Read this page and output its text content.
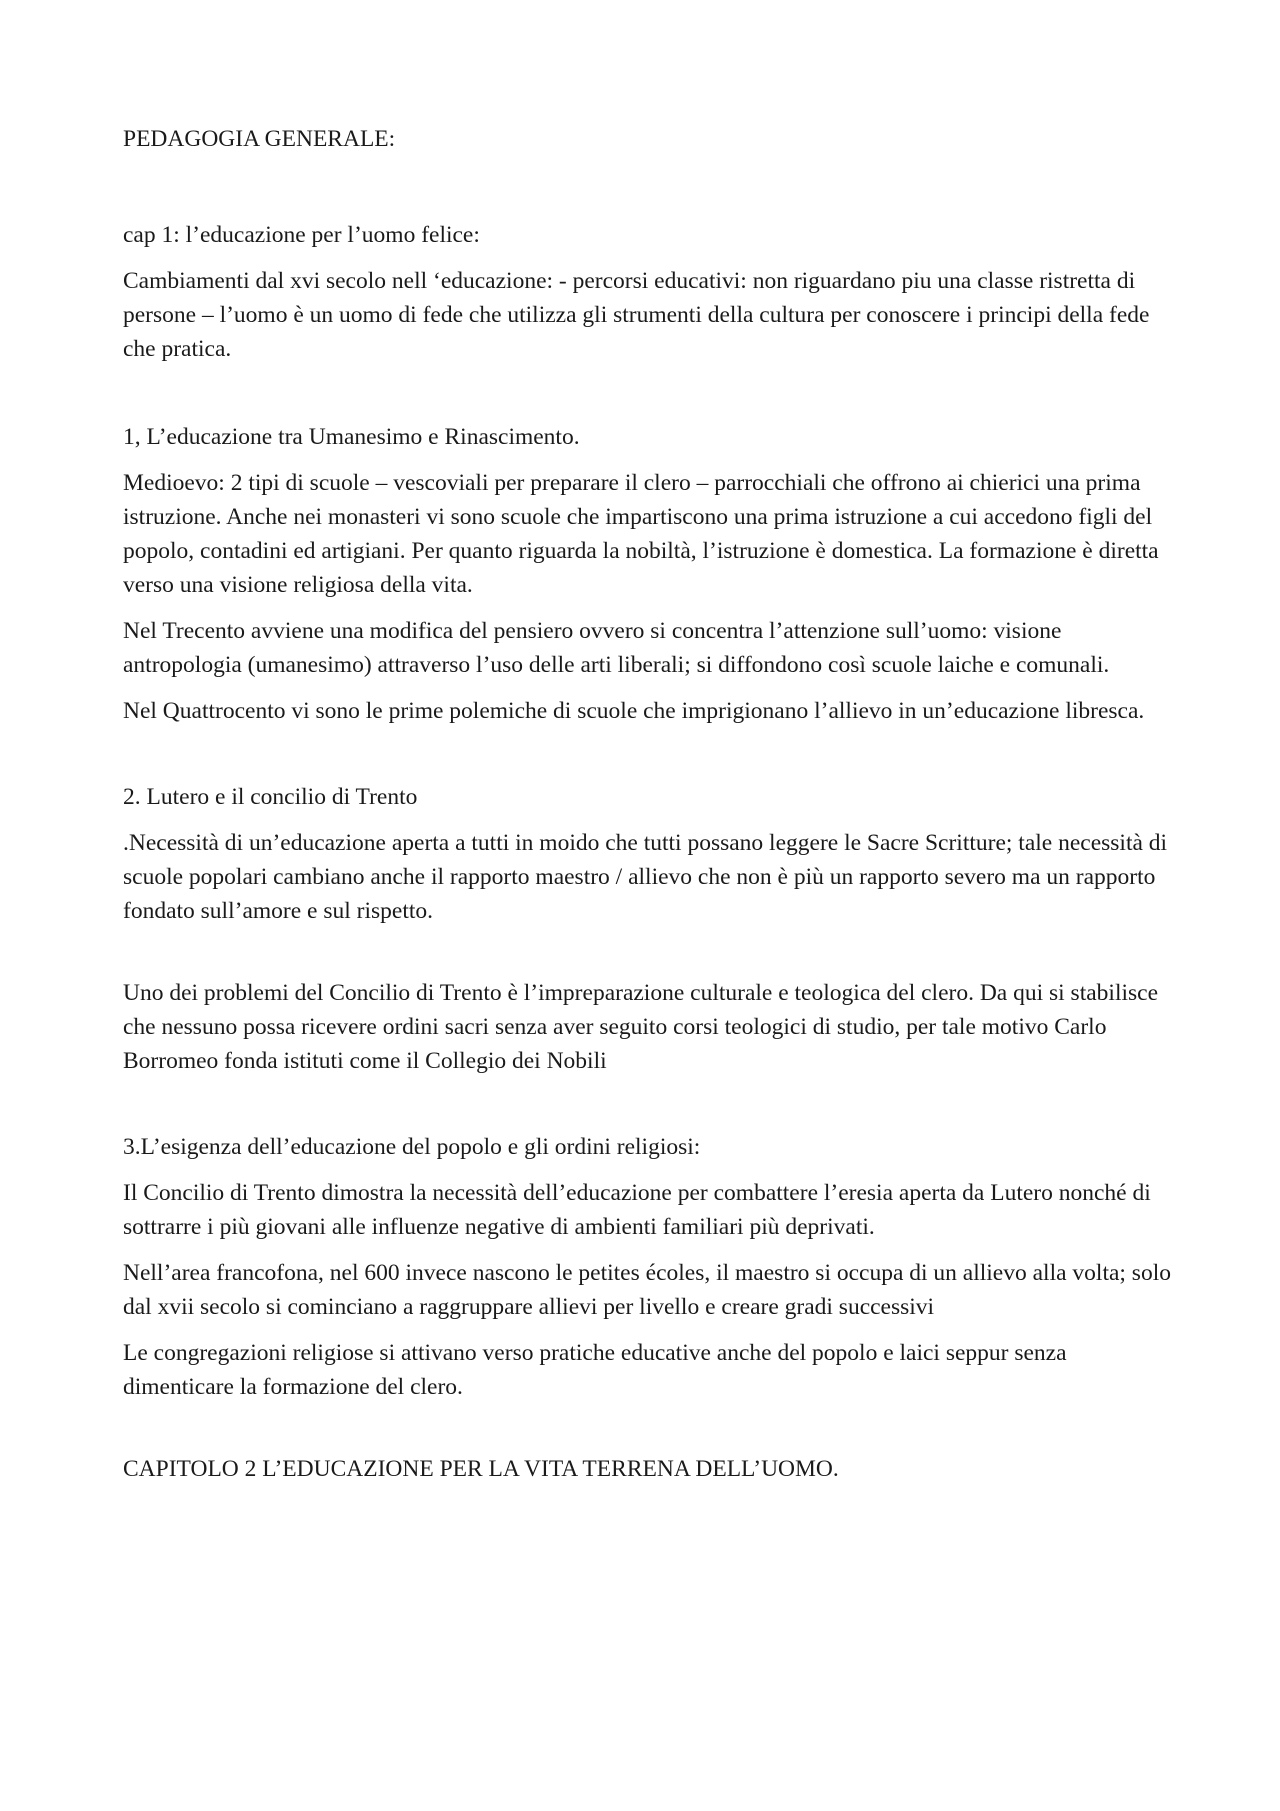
PEDAGOGIA GENERALE:

cap 1: l’educazione per l’uomo felice:

Cambiamenti dal xvi secolo nell ‘educazione: - percorsi educativi: non riguardano piu una classe ristretta di persone – l’uomo è un uomo di fede che utilizza gli strumenti della cultura per conoscere i principi della fede che pratica.

1, L’educazione tra Umanesimo e Rinascimento.

Medioevo: 2 tipi di scuole – vescoviali per preparare il clero – parrocchiali che offrono ai chierici una prima istruzione. Anche nei monasteri vi sono scuole che impartiscono una prima istruzione a cui accedono figli del popolo, contadini ed artigiani. Per quanto riguarda la nobiltà, l’istruzione è domestica. La formazione è diretta verso una visione religiosa della vita.

Nel Trecento avviene una modifica del pensiero ovvero si concentra l’attenzione sull’uomo: visione antropologia (umanesimo) attraverso l’uso delle arti liberali; si diffondono così scuole laiche e comunali.

Nel Quattrocento vi sono le prime polemiche di scuole che imprigionano l’allievo in un’educazione libresca.

2. Lutero e il concilio di Trento

.Necessità di un’educazione aperta a tutti in moido che tutti possano leggere le Sacre Scritture; tale necessità di scuole popolari cambiano anche il rapporto maestro / allievo che non è più un rapporto severo ma un rapporto fondato sull’amore e sul rispetto.

Uno dei problemi del Concilio di Trento è l’impreparazione culturale e teologica del clero. Da qui si stabilisce che nessuno possa ricevere ordini sacri senza aver seguito corsi teologici di studio, per tale motivo Carlo Borromeo fonda istituti come il Collegio dei Nobili

3.L’esigenza dell’educazione del popolo e gli ordini religiosi:

Il Concilio di Trento dimostra la necessità dell’educazione per combattere l’eresia aperta da Lutero nonché di sottrarre i più giovani alle influenze negative di ambienti familiari più deprivati.

Nell’area francofona, nel 600 invece nascono le petites écoles, il maestro si occupa di un allievo alla volta; solo dal xvii secolo si cominciano a raggruppare allievi per livello e creare gradi successivi

Le congregazioni religiose si attivano verso pratiche educative anche del popolo e laici seppur senza dimenticare la formazione del clero.

CAPITOLO 2 L’EDUCAZIONE PER LA VITA TERRENA DELL’UOMO.
